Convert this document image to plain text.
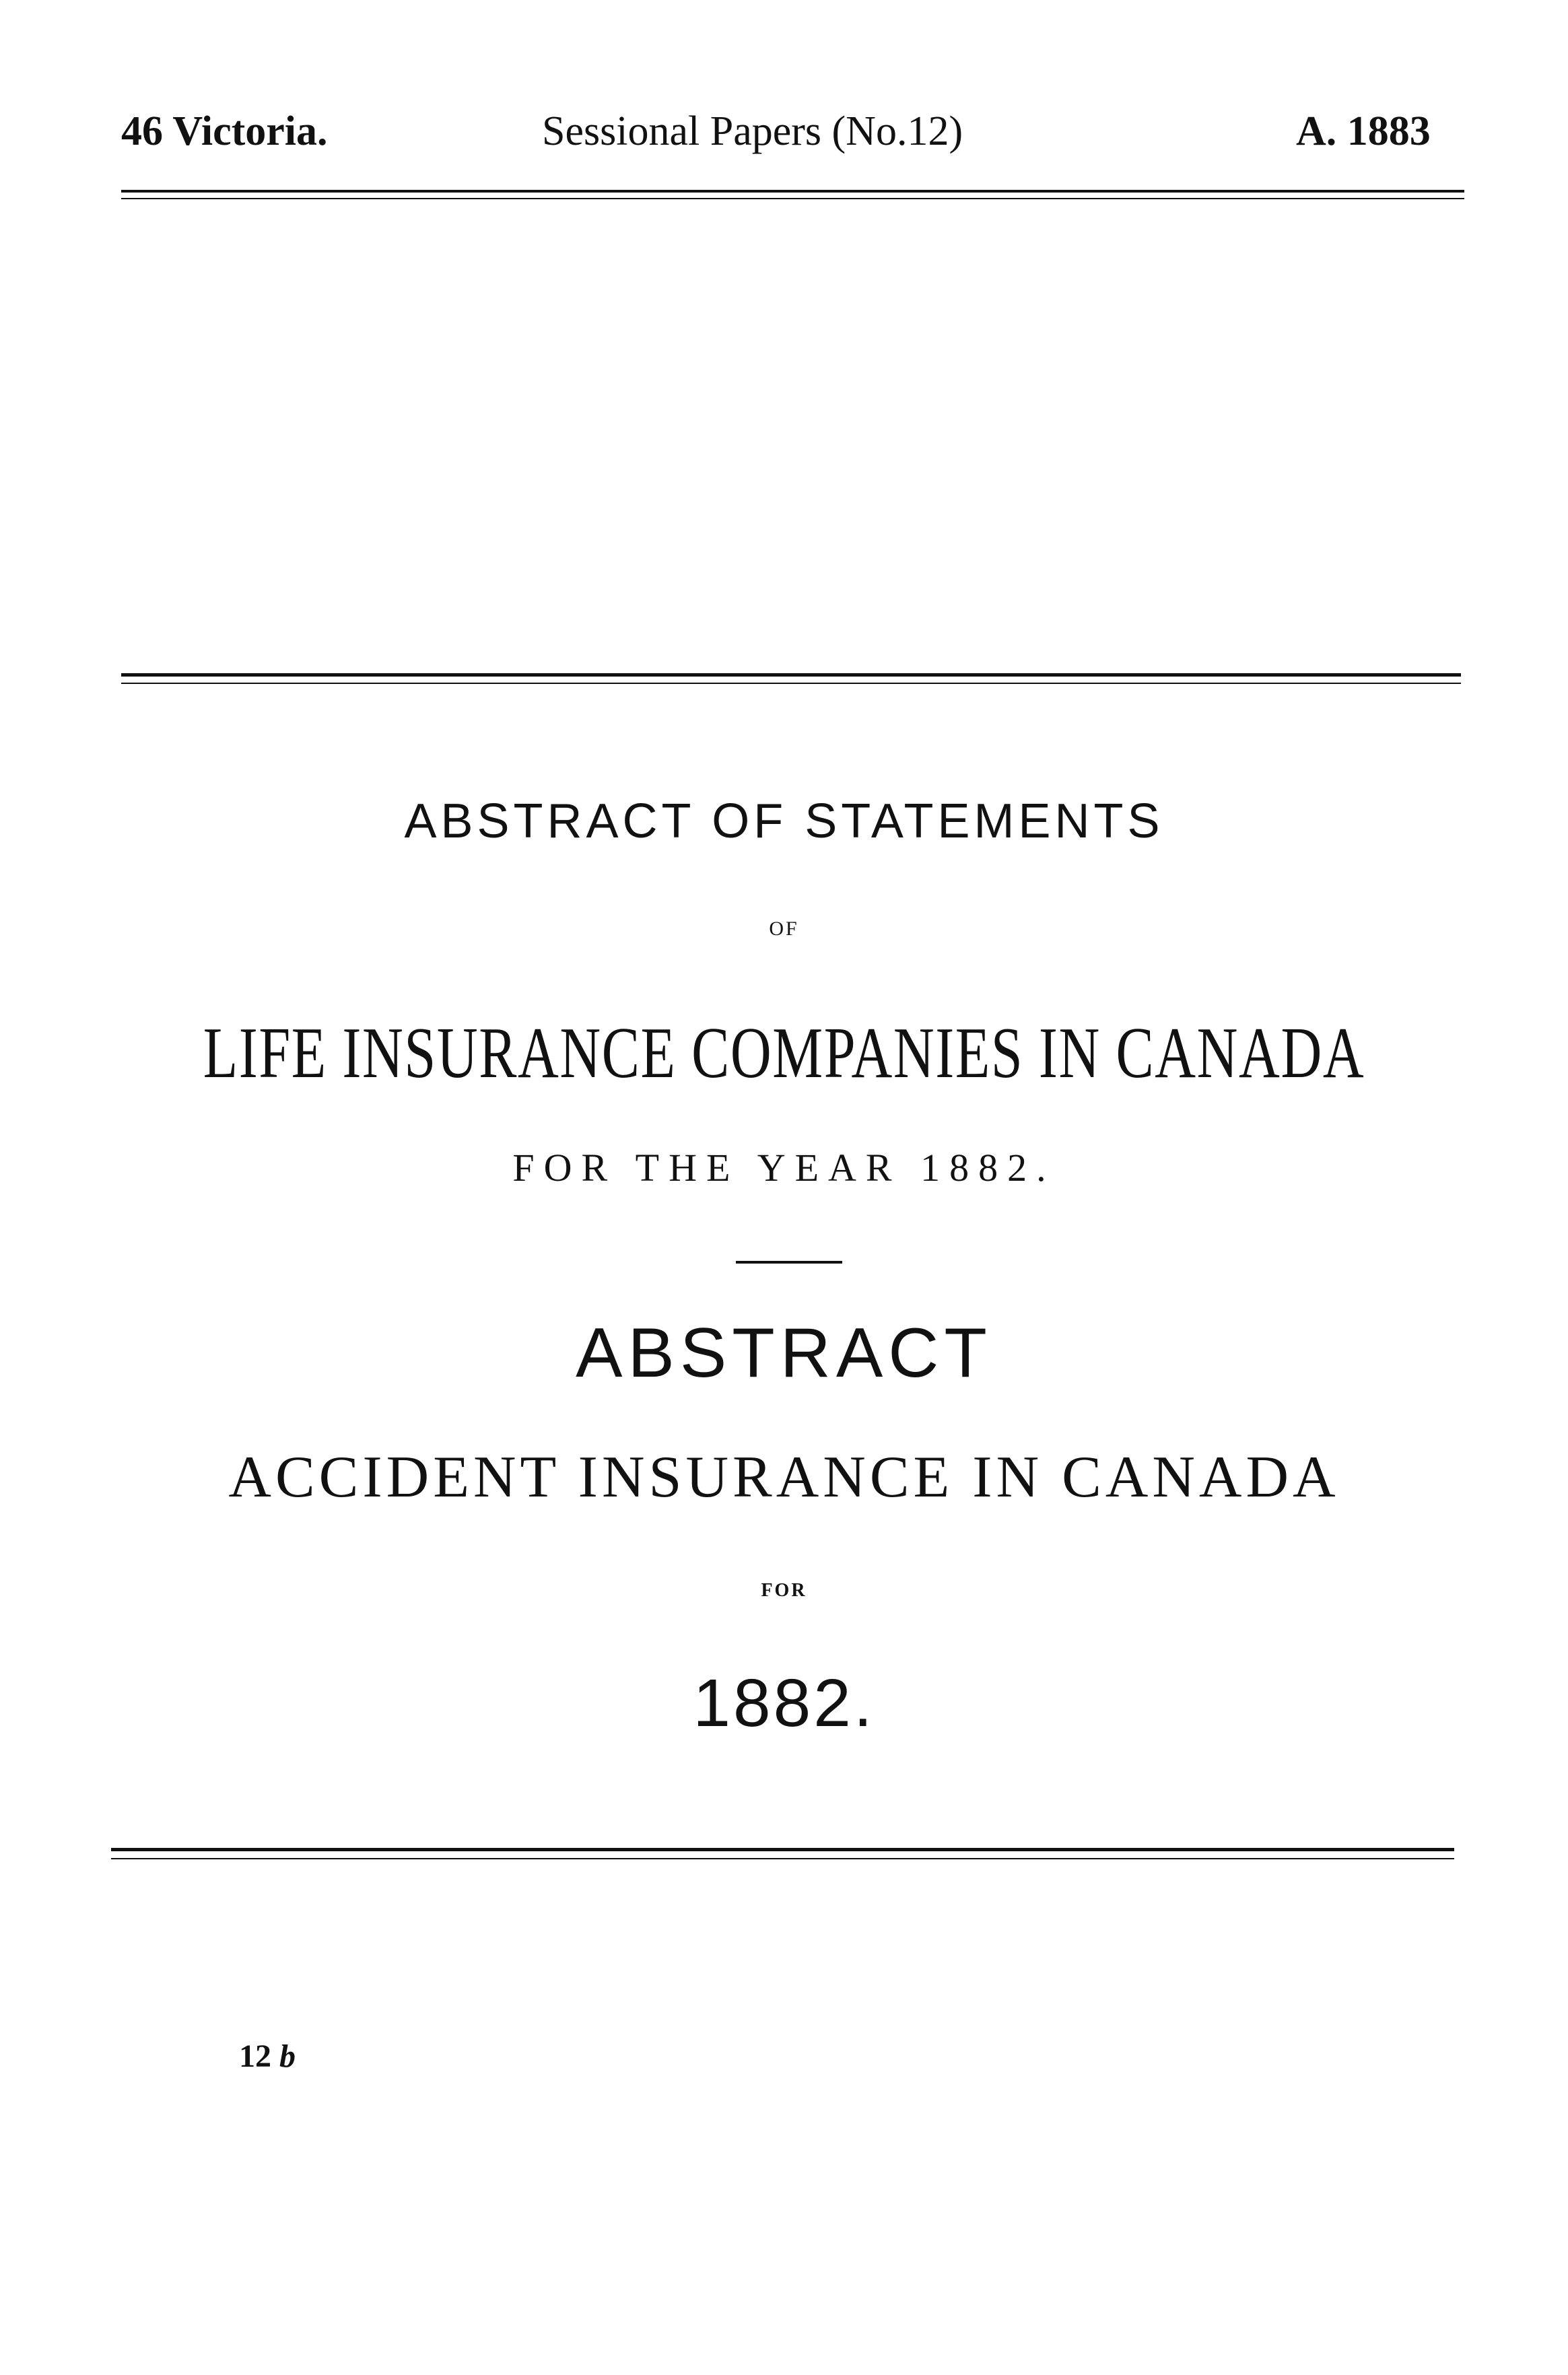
46 Victoria.	Sessional Papers (No.12)	A. 1883
ABSTRACT OF STATEMENTS
OF
LIFE INSURANCE COMPANIES IN CANADA
FOR THE YEAR 1882.
ABSTRACT
ACCIDENT INSURANCE IN CANADA
FOR
1882.
12 b
